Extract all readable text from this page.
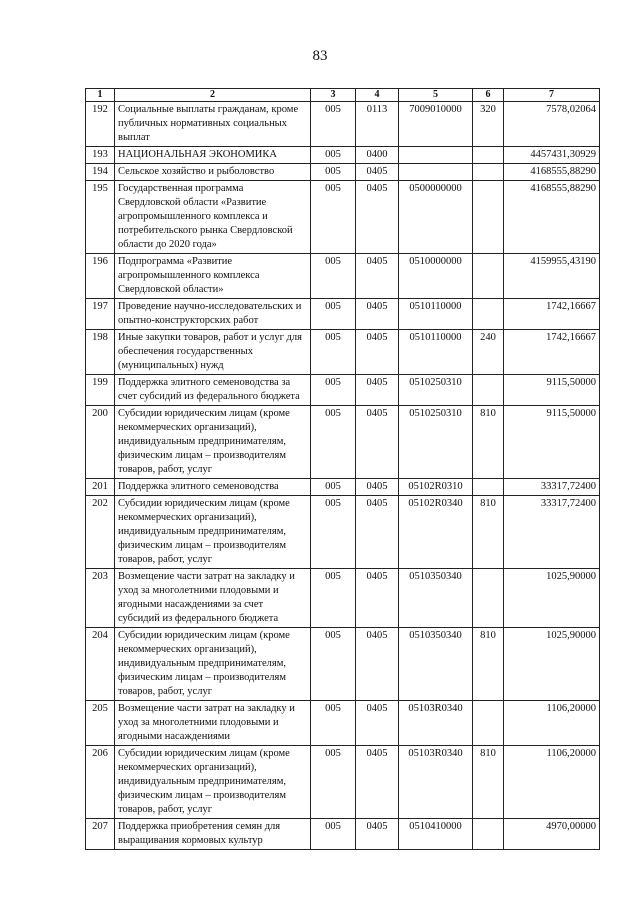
83
1	2	3	4	5	6	7
192	Социальные выплаты гражданам, кроме публичных нормативных социальных выплат	005	0113	7009010000	320	7578,02064
193	НАЦИОНАЛЬНАЯ ЭКОНОМИКА	005	0400			4457431,30929
194	Сельское хозяйство и рыболовство	005	0405			4168555,88290
195	Государственная программа Свердловской области «Развитие агропромышленного комплекса и потребительского рынка Свердловской области до 2020 года»	005	0405	0500000000		4168555,88290
196	Подпрограмма «Развитие агропромышленного комплекса Свердловской области»	005	0405	0510000000		4159955,43190
197	Проведение научно-исследовательских и опытно-конструкторских работ	005	0405	0510110000		1742,16667
198	Иные закупки товаров, работ и услуг для обеспечения государственных (муниципальных) нужд	005	0405	0510110000	240	1742,16667
199	Поддержка элитного семеноводства за счет субсидий из федерального бюджета	005	0405	0510250310		9115,50000
200	Субсидии юридическим лицам (кроме некоммерческих организаций), индивидуальным предпринимателям, физическим лицам – производителям товаров, работ, услуг	005	0405	0510250310	810	9115,50000
201	Поддержка элитного семеноводства	005	0405	05102R0310		33317,72400
202	Субсидии юридическим лицам (кроме некоммерческих организаций), индивидуальным предпринимателям, физическим лицам – производителям товаров, работ, услуг	005	0405	05102R0340	810	33317,72400
203	Возмещение части затрат на закладку и уход за многолетними плодовыми и ягодными насаждениями за счет субсидий из федерального бюджета	005	0405	0510350340		1025,90000
204	Субсидии юридическим лицам (кроме некоммерческих организаций), индивидуальным предпринимателям, физическим лицам – производителям товаров, работ, услуг	005	0405	0510350340	810	1025,90000
205	Возмещение части затрат на закладку и уход за многолетними плодовыми и ягодными насаждениями	005	0405	05103R0340		1106,20000
206	Субсидии юридическим лицам (кроме некоммерческих организаций), индивидуальным предпринимателям, физическим лицам – производителям товаров, работ, услуг	005	0405	05103R0340	810	1106,20000
207	Поддержка приобретения семян для выращивания кормовых культур	005	0405	0510410000		4970,00000
